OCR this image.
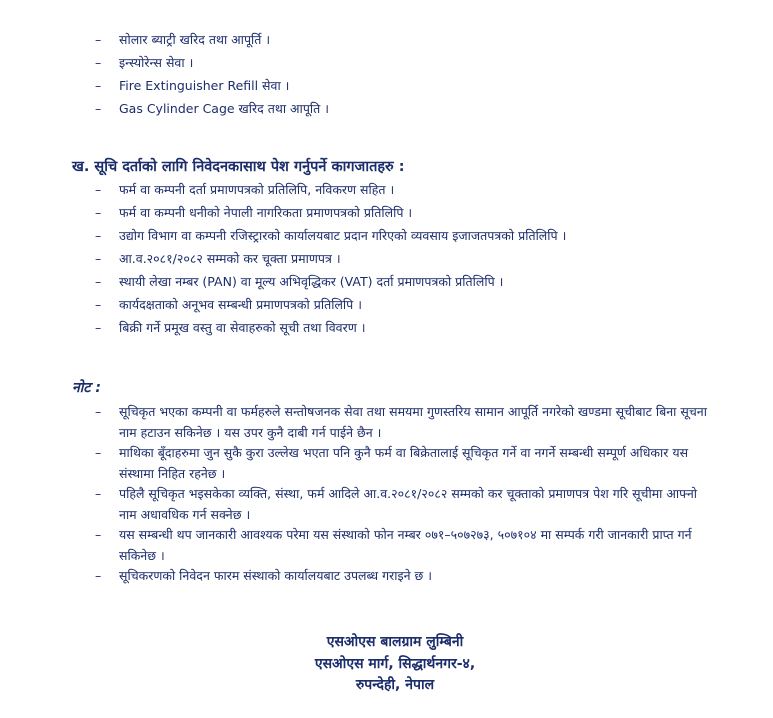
– सोलार ब्याट्री खरिद तथा आपूर्ति ।
– इन्स्योरेन्स सेवा ।
– Fire Extinguisher Refill सेवा ।
– Gas Cylinder Cage खरिद तथा आपूति ।
ख. सूचि दर्ताको लागि निवेदनकासाथ पेश गर्नुपर्ने कागजातहरु :
– फर्म वा कम्पनी दर्ता प्रमाणपत्रको प्रतिलिपि, नविकरण सहित ।
– फर्म वा कम्पनी धनीको नेपाली नागरिकता प्रमाणपत्रको प्रतिलिपि ।
– उद्योग विभाग वा कम्पनी रजिस्ट्रारको कार्यालयबाट प्रदान गरिएको व्यवसाय इजाजतपत्रको प्रतिलिपि ।
– आ.व.२०८१/२०८२ सम्मको कर चूक्ता प्रमाणपत्र ।
– स्थायी लेखा नम्बर (PAN) वा मूल्य अभिवृद्धिकर (VAT) दर्ता प्रमाणपत्रको प्रतिलिपि ।
– कार्यदक्षताको अनूभव सम्बन्धी प्रमाणपत्रको प्रतिलिपि ।
– बिक्री गर्ने प्रमूख वस्तु वा सेवाहरुको सूची तथा विवरण ।
नोट :
– सूचिकृत भएका कम्पनी वा फर्महरुले सन्तोषजनक सेवा तथा समयमा गुणस्तरिय सामान आपूर्ति नगरेको खण्डमा सूचीबाट बिना सूचना नाम हटाउन सकिनेछ । यस उपर कुनै दाबी गर्न पाईने छैन ।
– माथिका बूँदाहरुमा जुन सुकै कुरा उल्लेख भएता पनि कुनै फर्म वा बिक्रेतालाई सूचिकृत गर्ने वा नगर्ने सम्बन्धी सम्पूर्ण अधिकार यस संस्थामा निहित रहनेछ ।
– पहिलै सूचिकृत भइसकेका व्यक्ति, संस्था, फर्म आदिले आ.व.२०८१/२०८२ सम्मको कर चूक्ताको प्रमाणपत्र पेश गरि सूचीमा आफ्नो नाम अधावधिक गर्न सक्नेछ ।
– यस सम्बन्धी थप जानकारी आवश्यक परेमा यस संस्थाको फोन नम्बर ०७१–५०७२७३, ५०७१०४ मा सम्पर्क गरी जानकारी प्राप्त गर्न सकिनेछ ।
– सूचिकरणको निवेदन फारम संस्थाको कार्यालयबाट उपलब्ध गराइने छ ।
एसओएस बालग्राम लुम्बिनी
एसओएस मार्ग, सिद्धार्थनगर-४,
रुपन्देही, नेपाल
